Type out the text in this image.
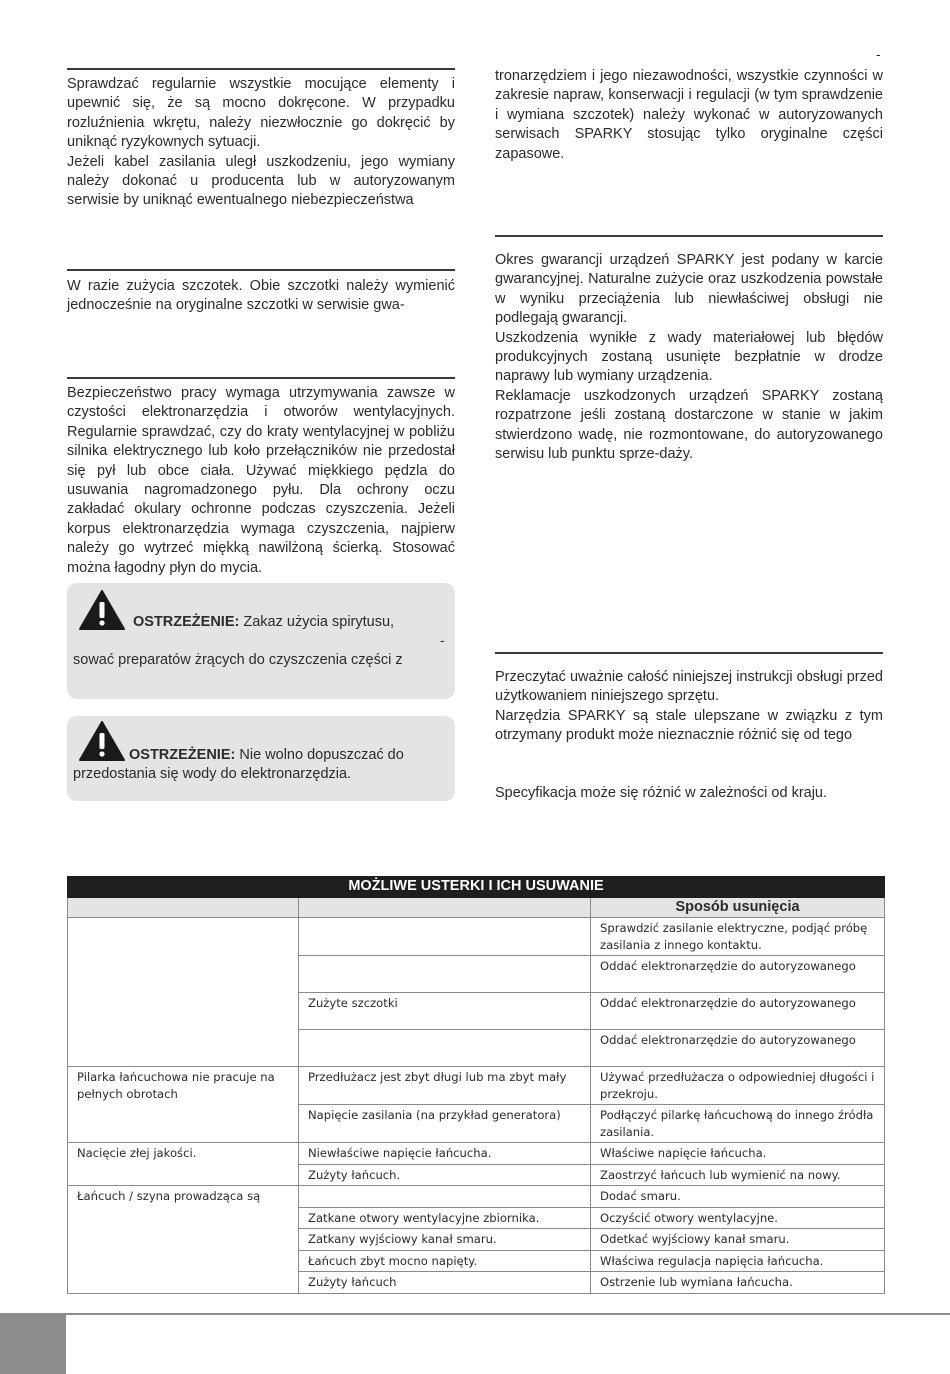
Sprawdzać regularnie wszystkie mocujące elementy i upewnić się, że są mocno dokręcone. W przypadku rozluźnienia wkrętu, należy niezwłocznie go dokręcić by uniknąć ryzykownych sytuacji.

Jeżeli kabel zasilania uległ uszkodzeniu, jego wymiany należy dokonać u producenta lub w autoryzowanym serwisie by uniknąć ewentualnego niebezpieczeństwa

W razie zużycia szczotek. Obie szczotki należy wymienić jednocześnie na oryginalne szczotki w serwisie gwa-

Bezpieczeństwo pracy wymaga utrzymywania zawsze w czystości elektronarzędzia i otworów wentylacyjnych. Regularnie sprawdzać, czy do kraty wentylacyjnej w pobliżu silnika elektrycznego lub koło przełączników nie przedostał się pył lub obce ciała. Używać miękkiego pędzla do usuwania nagromadzonego pyłu. Dla ochrony oczu zakładać okulary ochronne podczas czyszczenia. Jeżeli korpus elektronarzędzia wymaga czyszczenia, najpierw należy go wytrzeć miękką nawilżoną ścierką. Stosować można łagodny płyn do mycia.

OSTRZEŻENIE: Zakaz użycia spirytusu,
-
sować preparatów żrących do czyszczenia części z
OSTRZEŻENIE: Nie wolno dopuszczać do
przedostania się wody do elektronarzędzia.
-

tronarzędziem i jego niezawodności, wszystkie czynności w zakresie napraw, konserwacji i regulacji (w tym sprawdzenie i wymiana szczotek) należy wykonać w autoryzowanych serwisach SPARKY stosując tylko oryginalne części zapasowe.

Okres gwarancji urządzeń SPARKY jest podany w karcie gwarancyjnej. Naturalne zużycie oraz uszkodzenia powstałe w wyniku przeciążenia lub niewłaściwej obsługi nie podlegają gwarancji.

Uszkodzenia wynikłe z wady materiałowej lub błędów produkcyjnych zostaną usunięte bezpłatnie w drodze naprawy lub wymiany urządzenia.

Reklamacje uszkodzonych urządzeń SPARKY zostaną rozpatrzone jeśli zostaną dostarczone w stanie w jakim stwierdzono wadę, nie rozmontowane, do autoryzowanego serwisu lub punktu sprze-daży.

Przeczytać uważnie całość niniejszej instrukcji obsługi przed użytkowaniem niniejszego sprzętu.

Narzędzia SPARKY są stale ulepszane w związku z tym otrzymany produkt może nieznacznie różnić się od tego

Specyfikacja może się różnić w zależności od kraju.

MOŻLIWE USTERKI I ICH USUWANIE		
		Sposób usunięcia
		Sprawdzić zasilanie elektryczne, podjąć próbę zasilania z innego kontaktu.
		Oddać elektronarzędzie do autoryzowanego
	Zużyte szczotki	Oddać elektronarzędzie do autoryzowanego
		Oddać elektronarzędzie do autoryzowanego
Pilarka łańcuchowa nie pracuje na pełnych obrotach	Przedłużacz jest zbyt długi lub ma zbyt mały	Używać przedłużacza o odpowiedniej długości i przekroju.
	Napięcie zasilania (na przykład generatora)	Podłączyć pilarkę łańcuchową do innego źródła zasilania.
Nacięcie złej jakości.	Niewłaściwe napięcie łańcucha.	Właściwe napięcie łańcucha.
	Zużyty łańcuch.	Zaostrzyć łańcuch lub wymienić na nowy.
Łańcuch / szyna prowadząca są		Dodać smaru.
	Zatkane otwory wentylacyjne zbiornika.	Oczyścić otwory wentylacyjne.
	Zatkany wyjściowy kanał smaru.	Odetkać wyjściowy kanał smaru.
	Łańcuch zbyt mocno napięty.	Właściwa regulacja napięcia łańcucha.
	Zużyty łańcuch	Ostrzenie lub wymiana łańcucha.
